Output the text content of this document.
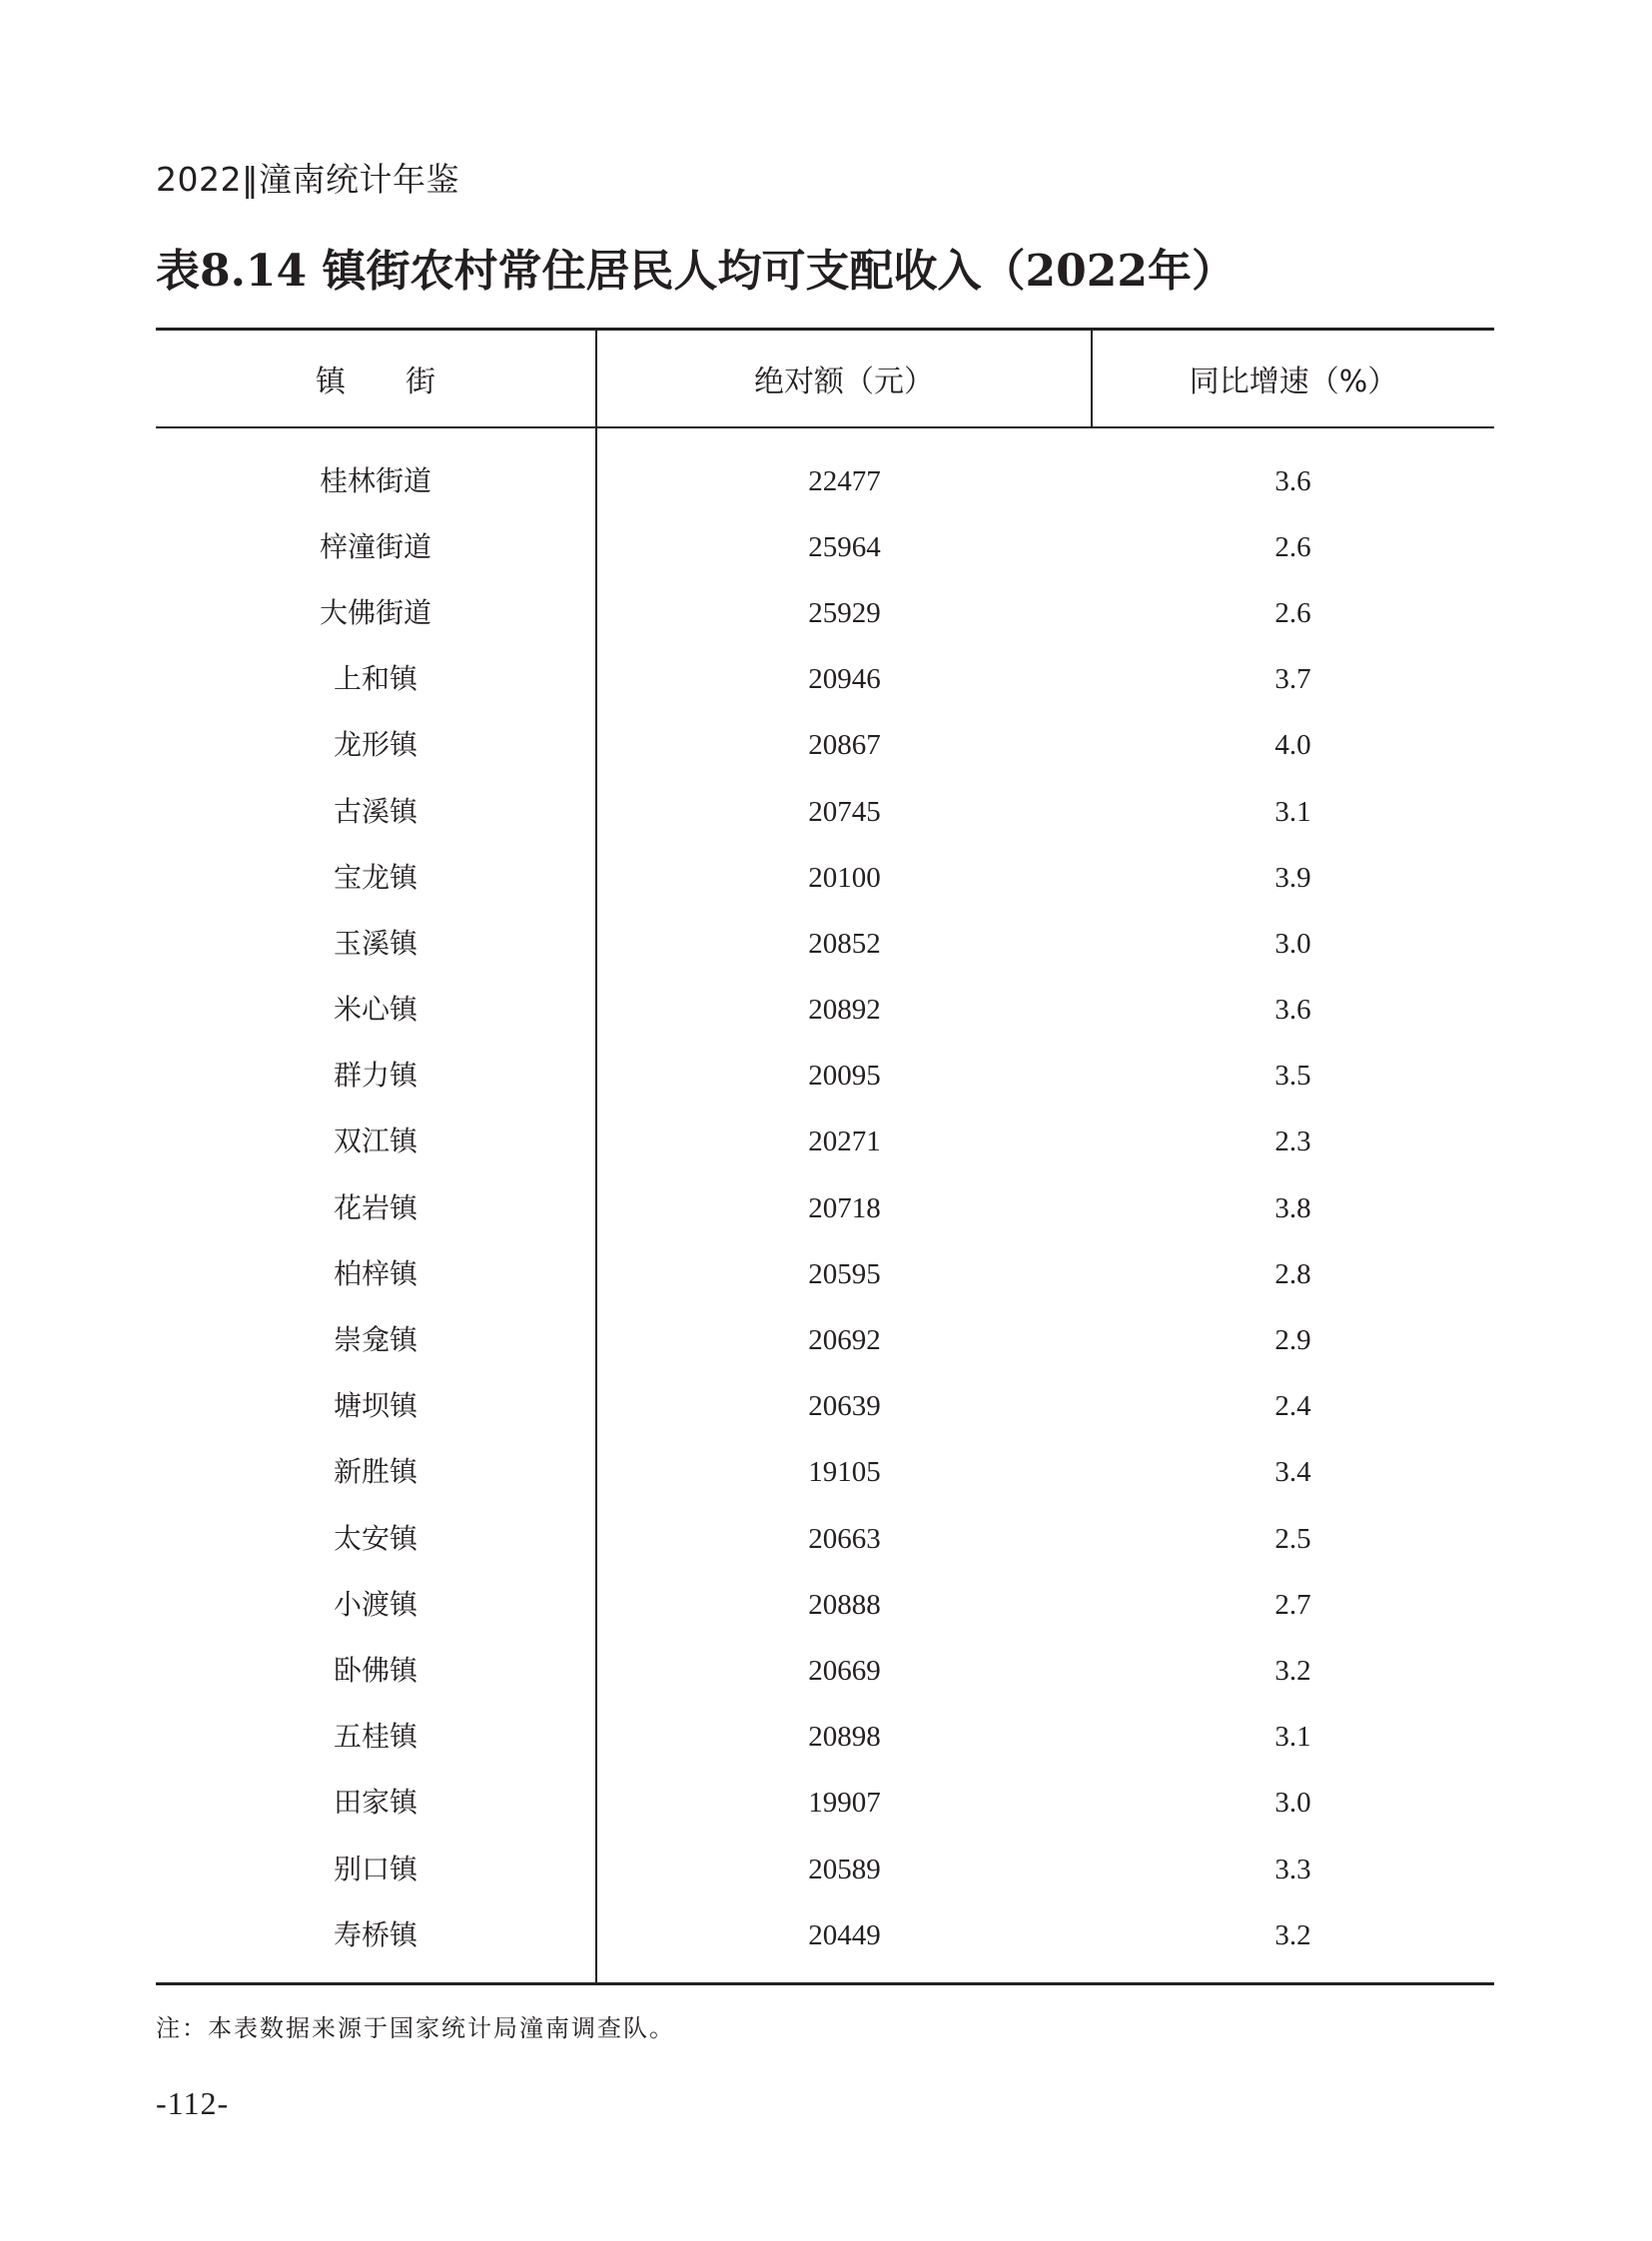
2022‖潼南统计年鉴

表8.14 镇街农村常住居民人均可支配收入（2022年）
镇　　街	绝对额（元）	同比增速（%）
桂林街道	22477	3.6
梓潼街道	25964	2.6
大佛街道	25929	2.6
上和镇	20946	3.7
龙形镇	20867	4.0
古溪镇	20745	3.1
宝龙镇	20100	3.9
玉溪镇	20852	3.0
米心镇	20892	3.6
群力镇	20095	3.5
双江镇	20271	2.3
花岩镇	20718	3.8
柏梓镇	20595	2.8
崇龛镇	20692	2.9
塘坝镇	20639	2.4
新胜镇	19105	3.4
太安镇	20663	2.5
小渡镇	20888	2.7
卧佛镇	20669	3.2
五桂镇	20898	3.1
田家镇	19907	3.0
别口镇	20589	3.3
寿桥镇	20449	3.2

注：本表数据来源于国家统计局潼南调查队。

-112-
